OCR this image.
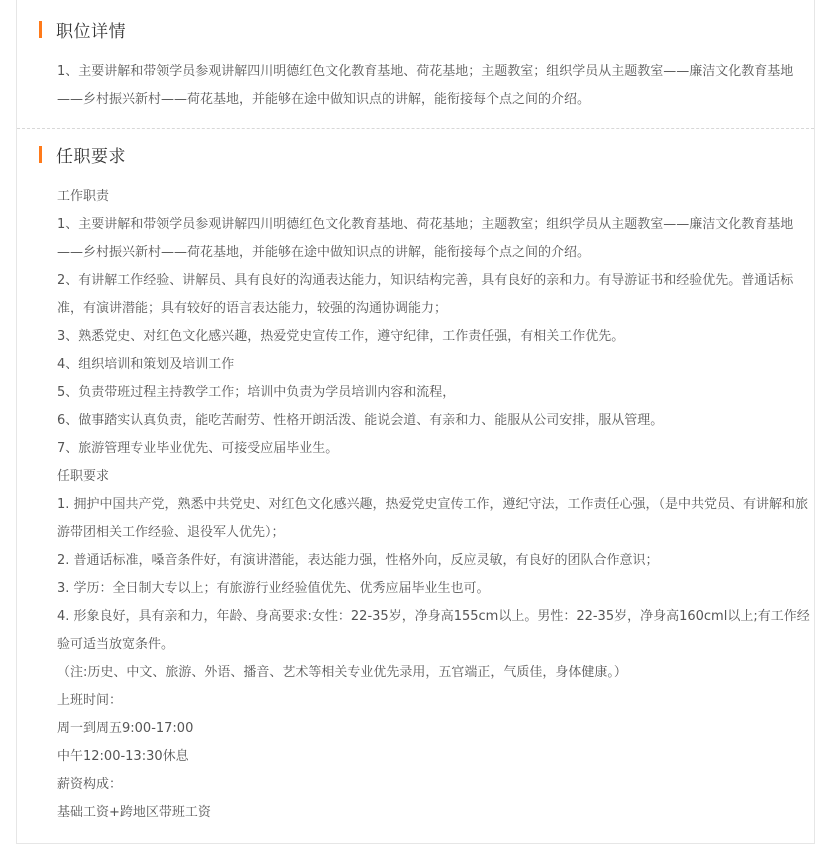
职位详情

1、主要讲解和带领学员参观讲解四川明德红色文化教育基地、荷花基地；主题教室；组织学员从主题教室——廉洁文化教育基地——乡村振兴新村——荷花基地，并能够在途中做知识点的讲解，能衔接每个点之间的介绍。

任职要求

工作职责

1、主要讲解和带领学员参观讲解四川明德红色文化教育基地、荷花基地；主题教室；组织学员从主题教室——廉洁文化教育基地——乡村振兴新村——荷花基地，并能够在途中做知识点的讲解，能衔接每个点之间的介绍。

2、有讲解工作经验、讲解员、具有良好的沟通表达能力，知识结构完善，具有良好的亲和力。有导游证书和经验优先。普通话标准，有演讲潜能；具有较好的语言表达能力，较强的沟通协调能力；

3、熟悉党史、对红色文化感兴趣，热爱党史宣传工作，遵守纪律，工作责任强，有相关工作优先。

4、组织培训和策划及培训工作

5、负责带班过程主持教学工作；培训中负责为学员培训内容和流程，

6、做事踏实认真负责，能吃苦耐劳、性格开朗活泼、能说会道、有亲和力、能服从公司安排，服从管理。

7、旅游管理专业毕业优先、可接受应届毕业生。

任职要求

1. 拥护中国共产党，熟悉中共党史、对红色文化感兴趣，热爱党史宣传工作，遵纪守法，工作责任心强，（是中共党员、有讲解和旅游带团相关工作经验、退役军人优先）；

2. 普通话标准，嗓音条件好，有演讲潜能，表达能力强，性格外向，反应灵敏，有良好的团队合作意识；

3. 学历：全日制大专以上；有旅游行业经验值优先、优秀应届毕业生也可。

4. 形象良好，具有亲和力，年龄、身高要求:女性：22-35岁，净身高155cm以上。男性：22-35岁，净身高160cml以上;有工作经验可适当放宽条件。

（注:历史、中文、旅游、外语、播音、艺术等相关专业优先录用，五官端正，气质佳，身体健康。）

上班时间：

周一到周五9:00-17:00

中午12:00-13:30休息

薪资构成：

基础工资+跨地区带班工资
